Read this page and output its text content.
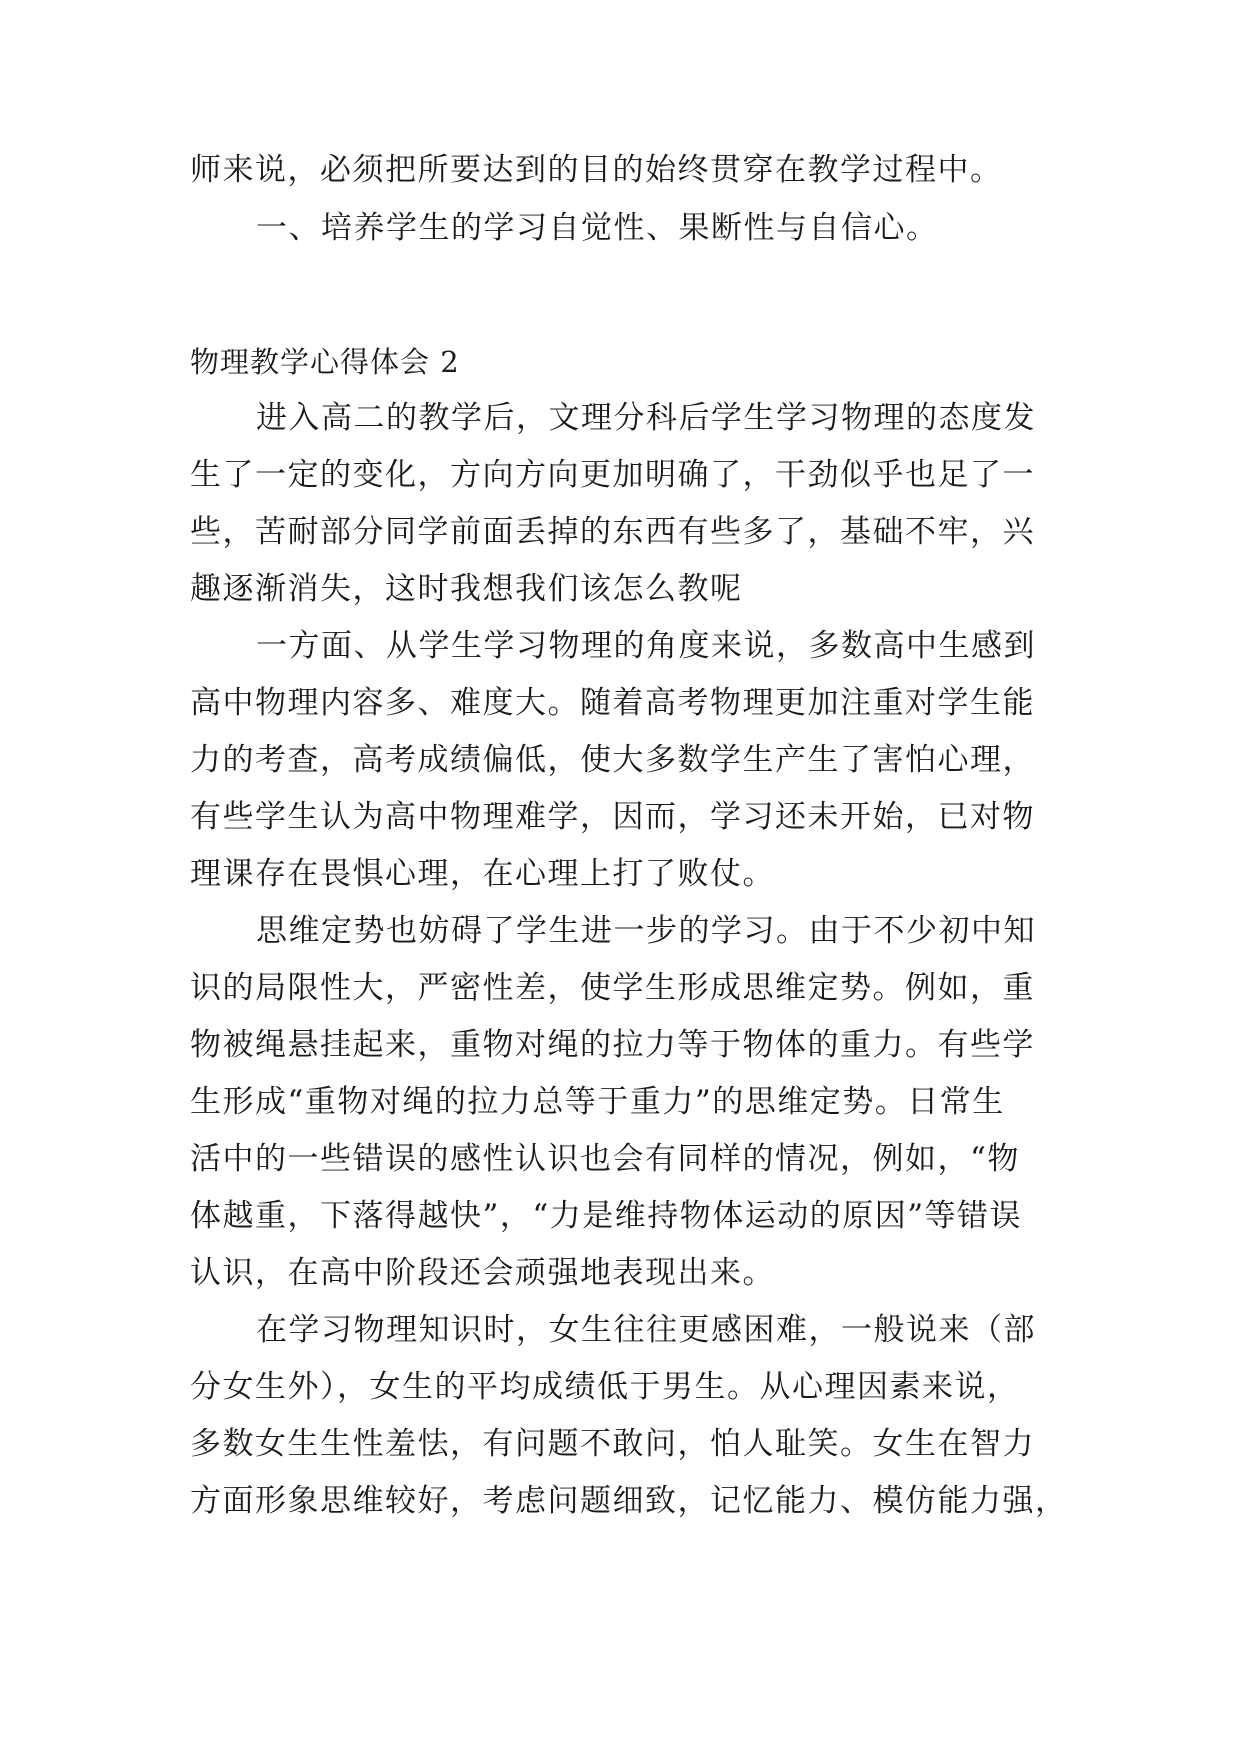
师来说，必须把所要达到的目的始终贯穿在教学过程中。
一、培养学生的学习自觉性、果断性与自信心。
物理教学心得体会 2
进入高二的教学后，文理分科后学生学习物理的态度发
生了一定的变化，方向方向更加明确了，干劲似乎也足了一
些，苦耐部分同学前面丢掉的东西有些多了，基础不牢，兴
趣逐渐消失，这时我想我们该怎么教呢
一方面、从学生学习物理的角度来说，多数高中生感到
高中物理内容多、难度大。随着高考物理更加注重对学生能
力的考查，高考成绩偏低，使大多数学生产生了害怕心理，
有些学生认为高中物理难学，因而，学习还未开始，已对物
理课存在畏惧心理，在心理上打了败仗。
思维定势也妨碍了学生进一步的学习。由于不少初中知
识的局限性大，严密性差，使学生形成思维定势。例如，重
物被绳悬挂起来，重物对绳的拉力等于物体的重力。有些学
生形成“重物对绳的拉力总等于重力”的思维定势。日常生
活中的一些错误的感性认识也会有同样的情况，例如，“物
体越重，下落得越快”，“力是维持物体运动的原因”等错误
认识，在高中阶段还会顽强地表现出来。
在学习物理知识时，女生往往更感困难，一般说来（部
分女生外），女生的平均成绩低于男生。从心理因素来说，
多数女生生性羞怯，有问题不敢问，怕人耻笑。女生在智力
方面形象思维较好，考虑问题细致，记忆能力、模仿能力强，
